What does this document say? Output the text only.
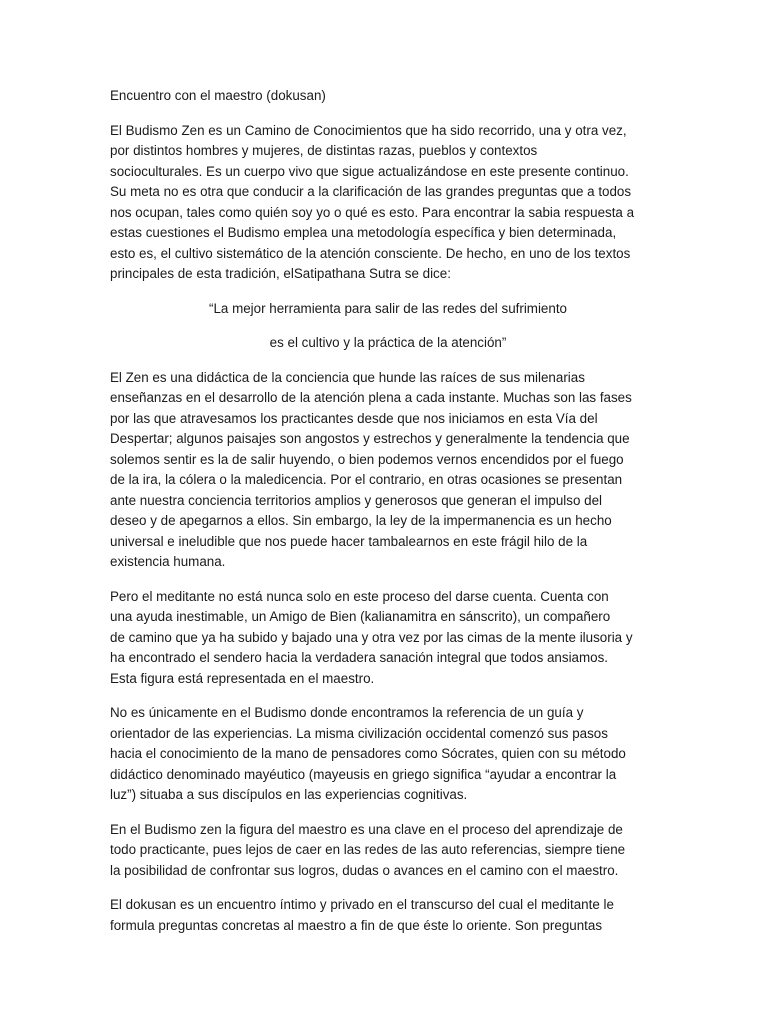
Encuentro con el maestro (dokusan)
El Budismo Zen es un Camino de Conocimientos que ha sido recorrido, una y otra vez,
por distintos hombres y mujeres, de distintas razas, pueblos y contextos
socioculturales. Es un cuerpo vivo que sigue actualizándose en este presente continuo.
Su meta no es otra que conducir a la clarificación de las grandes preguntas que a todos
nos ocupan, tales como quién soy yo o qué es esto. Para encontrar la sabia respuesta a
estas cuestiones el Budismo emplea una metodología específica y bien determinada,
esto es, el cultivo sistemático de la atención consciente. De hecho, en uno de los textos
principales de esta tradición, elSatipathana Sutra se dice:
“La mejor herramienta para salir de las redes del sufrimiento
es el cultivo y la práctica de la atención”
El Zen es una didáctica de la conciencia que hunde las raíces de sus milenarias
enseñanzas en el desarrollo de la atención plena a cada instante. Muchas son las fases
por las que atravesamos los practicantes desde que nos iniciamos en esta Vía del
Despertar; algunos paisajes son angostos y estrechos y generalmente la tendencia que
solemos sentir es la de salir huyendo, o bien podemos vernos encendidos por el fuego
de la ira, la cólera o la maledicencia. Por el contrario, en otras ocasiones se presentan
ante nuestra conciencia territorios amplios y generosos que generan el impulso del
deseo y de apegarnos a ellos. Sin embargo, la ley de la impermanencia es un hecho
universal e ineludible que nos puede hacer tambalearnos en este frágil hilo de la
existencia humana.
Pero el meditante no está nunca solo en este proceso del darse cuenta. Cuenta con
una ayuda inestimable, un Amigo de Bien (kalianamitra en sánscrito), un compañero
de camino que ya ha subido y bajado una y otra vez por las cimas de la mente ilusoria y
ha encontrado el sendero hacia la verdadera sanación integral que todos ansiamos.
Esta figura está representada en el maestro.
No es únicamente en el Budismo donde encontramos la referencia de un guía y
orientador de las experiencias. La misma civilización occidental comenzó sus pasos
hacia el conocimiento de la mano de pensadores como Sócrates, quien con su método
didáctico denominado mayéutico (mayeusis en griego significa “ayudar a encontrar la
luz”) situaba a sus discípulos en las experiencias cognitivas.
En el Budismo zen la figura del maestro es una clave en el proceso del aprendizaje de
todo practicante, pues lejos de caer en las redes de las auto referencias, siempre tiene
la posibilidad de confrontar sus logros, dudas o avances en el camino con el maestro.
El dokusan es un encuentro íntimo y privado en el transcurso del cual el meditante le
formula preguntas concretas al maestro a fin de que éste lo oriente. Son preguntas
